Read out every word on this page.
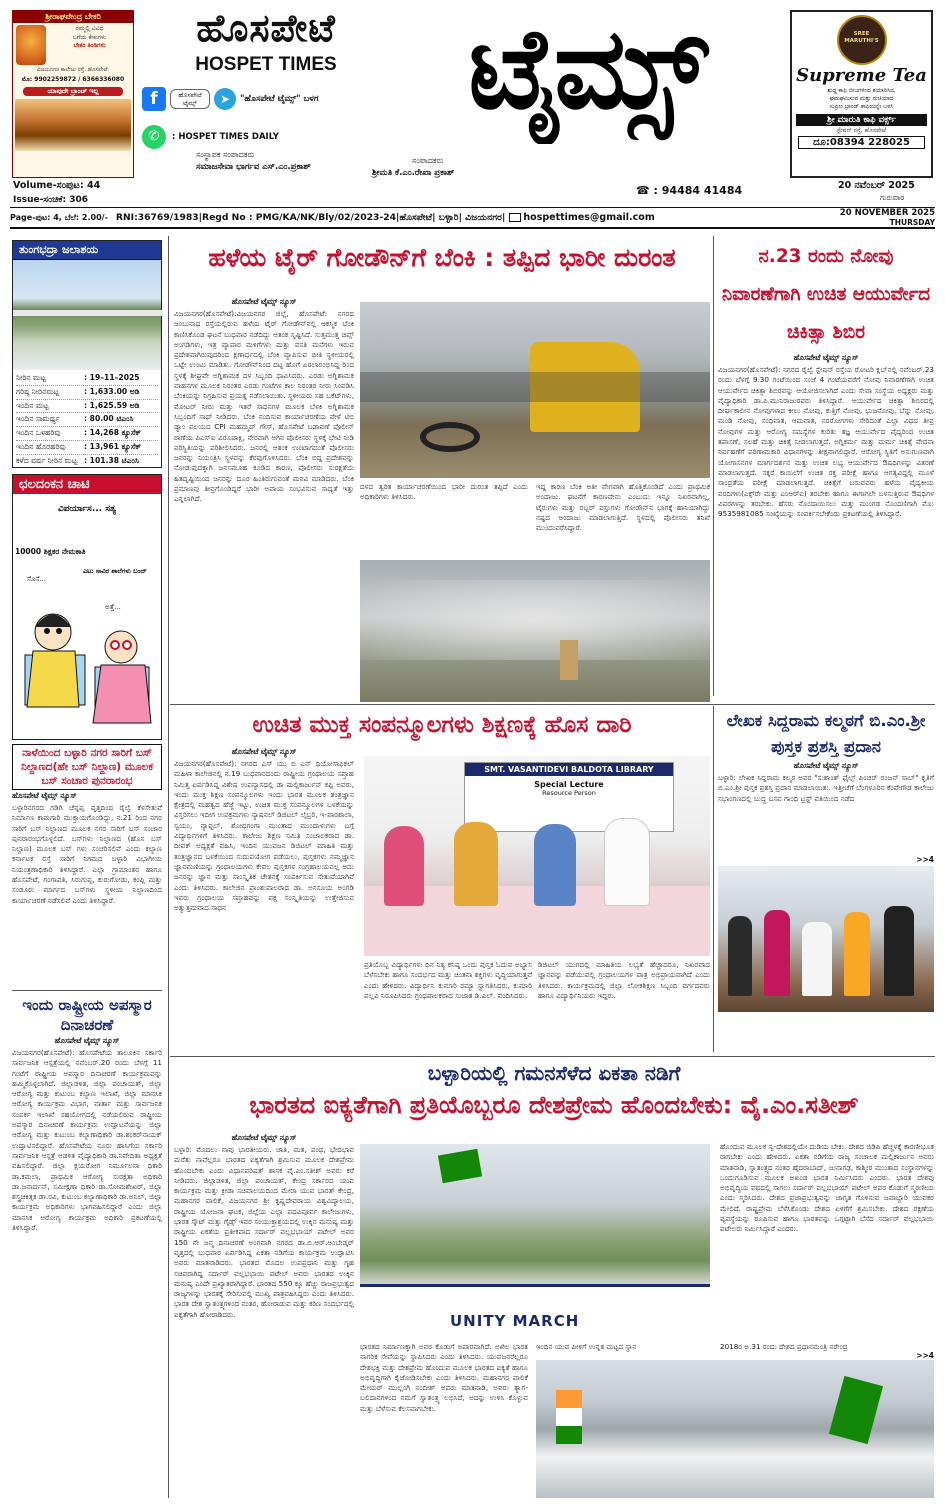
ಶ್ರೀರಾಘವೇಂದ್ರ ಬೇಕರಿ
ನಮ್ಮಲ್ಲಿ ವಿವಿಧ
ಬಗೆಯ ಕೇಕುಗಳು
ಬೇಕರಿ ತಿಂಡಿಗಳು
ವಿಜಯನಗರ ಕಾಲೇಜು ರಸ್ತೆ, ಹೊಸಪೇಟೆ.
ಮೊ: 9902259872 / 6366336080
ಯಾವುದೇ ಬ್ರಾಂಚ್ ಇಲ್ಲ
ಹೊಸಪೇಟೆ
HOSPET TIMES
f	ಹೊಸಪೇಟೆ ಟೈಮ್ಸ್	➤	"ಹೊಸಪೇಟೆ ಟೈಮ್ಸ್" ಬಳಗ
✆	: HOSPET TIMES DAILY
ಟೈಮ್ಸ್	SREE MARUTHI'S
Supreme Tea
ಶುದ್ಧ ಕಾಫಿ ಬೀಜಗಳಿಂದ ತಯಾರಿಸಿದ,
ಘಮಘಮಿಸುವ ಮತ್ತು ರುಚಿಯಾದ
ಸುಪ್ರೀಂ ಬ್ರಾಂಡ್ ಕಾಫಿಯನ್ನೇ ಬಳಸಿ
ಶ್ರೀ ಮಾರುತಿ ಕಾಫಿ ವರ್ಕ್ಸ್
ಸ್ಟೇಷನ್ ರಸ್ತೆ, ಹೊಸಪೇಟೆ
ದೂ:08394 228025
ಸಂಸ್ಥಾಪಕ ಸಂಪಾದಕರು
ಸಮಾಜಸೇವಾ ಭಾರ್ಗವ ಎಸ್.ಎಂ.ಪ್ರಕಾಶ್
ಸಂಪಾದಕರು
ಶ್ರೀಮತಿ ಕೆ.ಎಂ.ರೇಖಾ ಪ್ರಕಾಶ್
☎ : 94484 41484	20 ನವೆಂಬರ್ 2025
ಗುರುವಾರ
Volume-ಸಂಪುಟ: 44
Issue-ಸಂಚಿಕೆ: 306
Page-ಪುಟ: 4, ಬೆಲೆ: 2.00/- RNI:36769/1983|Regd No : PMG/KA/NK/Bly/02/2023-24|ಹೊಸಪೇಟೆ| ಬಳ್ಳಾರಿ| ವಿಜಯನಗರ| hospettimes@gmail.com	20 NOVEMBER 2025
THURSDAY
ತುಂಗಭದ್ರಾ ಜಲಾಶಯ
ನೀರಿನ ಮಟ್ಟ	: 19–11–2025
ಗರಿಷ್ಠ ನೀರಿನಮಟ್ಟ	: 1,633.00 ಅಡಿ
ಇಂದಿನ ಮಟ್ಟ	: 1,625.59 ಅಡಿ
ಇಂದಿನ ಸಾಮರ್ಥ್ಯ	: 80.00 ಟಿಎಂಸಿ
ಇಂದಿನ ಒಳಹರಿವು	: 14,268 ಕ್ಯೂಸೆಕ್
ಇಂದಿನ ಹೊರಹರಿವು	: 13,961 ಕ್ಯೂಸೆಕ್
ಕಳೆದ ವರ್ಷ ನೀರಿನ ಮಟ್ಟ : 101.38 ಟಿಎಂಸಿ
ಛಲದಂಕನ ಚಾಟಿ
ವಿಪರ್ಯಾಸ... ಸತ್ಯ
10000 ಶಿಕ್ಷಕರ ನೇಮಕಾತಿ
ಎಟು ಸಾವಿರ ಶಾಲೆಗಳು ಬಂದ್
ಸೊಸೆ...
ಅತ್ತೆ...
ನಾಳೆಯಿಂದ ಬಳ್ಳಾರಿ ನಗರ ಸಾರಿಗೆ ಬಸ್ ನಿಲ್ದಾಣದ(ಹೇ ಬಸ್ ನಿಲ್ದಾಣ) ಮೂಲಕ ಬಸ್ ಸಂಚಾರ ಪುನರಾರಂಭ
ಹೊಸಪೇಟೆ ಟೈಮ್ಸ್ ನ್ಯೂಸ್
ಬಳ್ಳಾರಿನಗರದ ಗಡಿಗಿ ಚೆನ್ನಪ್ಪ ವೃತ್ತದಿಂದ ರೈಲ್ವೆ ಕೆಳಸೇತುವೆ ನಿರ್ಮಾಣ ಕಾಮಗಾರಿ ಮುಕ್ತಾಯಗೊಂಡಿದ್ದು, ನ.21 ರಿಂದ ನಗರ ಸಾರಿಗೆ ಬಸ್ ನಿಲ್ದಾಣದ ಮೂಲಕ ನಗರ ಸಾರಿಗೆ ಬಸ್ ಸಂಚಾರ ಪುನರಾರಂಭಗೊಳ್ಳಲಿದೆ. ಬಸ್‌ಗಳು ನಿಲ್ದಾಣದ (ಹೊಸ ಬಸ್ ನಿಲ್ದಾಣ) ಮೂಲಕ ಬಸ್ ಗಳು ಸಂಚರಿಸಲಿವೆ ಎಂದು ಕಲ್ಯಾಣ ಕರ್ನಾಟಕ ರಸ್ತೆ ಸಾರಿಗೆ ನಿಗಮದ ಬಳ್ಳಾರಿ ವಿಭಾಗೀಯ ನಿಯಂತ್ರಣಾಧಿಕಾರಿ ತಿಳಿಸಿದ್ದಾರೆ. ಎಲ್ಲಾ ಗ್ರಾಮಾಂತರ ಹಾಗೂ ಹೊಸಪೇಟೆ, ಗಂಗಾವತಿ, ಸಿರುಗುಪ್ಪ, ಕುರುಗೋಡು, ಕಂಪ್ಲಿ ಮತ್ತು ಸಂಡೂರು ಮಾರ್ಗದ ಬಸ್‌ಗಳು ಸ್ಥಳೀಯ ನಿಲ್ದಾಣದಿಂದ ಕಾರ್ಯಾಚರಣೆ ನಡೆಸಲಿವೆ ಎಂದು ತಿಳಿಸಿದ್ದಾರೆ.
ಇಂದು ರಾಷ್ಟ್ರೀಯ ಅಪಸ್ಮಾರ ದಿನಾಚರಣೆ
ಹೊಸಪೇಟೆ ಟೈಮ್ಸ್ ನ್ಯೂಸ್
ವಿಜಯನಗರ(ಹೊಸಪೇಟೆ): ಹೊಸಪೇಟೆಯ ತಾಲೂಕಿನ ಸರ್ಕಾರಿ ಸಾರ್ವಜನಿಕ ಆಸ್ಪತ್ರೆಯಲ್ಲಿ ನವೆಂಬರ್.20 ರಂದು ಬೆಳಗ್ಗೆ 11 ಗಂಟೆಗೆ ರಾಷ್ಟ್ರೀಯ ಅಪಸ್ಮಾರ ದಿನಾಚರಣೆ ಕಾರ್ಯಕ್ರಮವನ್ನು ಹಮ್ಮಿಕೊಳ್ಳಲಾಗಿದೆ. ಜಿಲ್ಲಾಡಳಿತ, ಜಿಲ್ಲಾ ಪಂಚಾಯತ್, ಜಿಲ್ಲಾ ಆರೋಗ್ಯ ಮತ್ತು ಕುಟುಂಬ ಕಲ್ಯಾಣ ಇಲಾಖೆ, ಜಿಲ್ಲಾ ಮಾನಸಿಕ ಆರೋಗ್ಯ ಕಾರ್ಯಕ್ರಮ ವಿಭಾಗ, ವಾರ್ತಾ ಮತ್ತು ಸಾರ್ವಜನಿಕ ಸಂಪರ್ಕ ಇಲಾಖೆ ಸಹಯೋಗದಲ್ಲಿ ನಡೆಯಲಿರುವ ರಾಷ್ಟ್ರೀಯ ಅಪಸ್ಮಾರ ದಿನಾಚರಣೆ ಕಾರ್ಯಕ್ರಮ ಉದ್ಘಾಟನೆಯನ್ನು ಜಿಲ್ಲಾ ಆರೋಗ್ಯ ಮತ್ತು ಕುಟುಂಬ ಕಲ್ಯಾಣಾಧಿಕಾರಿ ಡಾ.ಶಂಕರ್‌ನಾಯಕ್ ಉದ್ಘಾಟಿಸಲಿದ್ದಾರೆ. ಹೊಸಪೇಟೆಯ ನೂರು ಹಾಸಿಗೆಯ ಸರ್ಕಾರಿ ಸಾರ್ವಜನಿಕ ಆಸ್ಪತ್ರೆ ಆಡಳಿತ ವೈದ್ಯಾಧಿಕಾರಿ ಡಾ.ನಿವೇದಿತಾ ಅಧ್ಯಕ್ಷತೆ ವಹಿಸಲಿದ್ದಾರೆ. ಜಿಲ್ಲಾ ಕ್ಷಯರೋಗ ನಿರ್ಮೂಲನಾ ಧಿಕಾರಿ ಡಾ.ಕಮಲಾ, ಪ್ರಾಥಮಿಕ ಆರೋಗ್ಯ ಸುರಕ್ಷತಾ ಅಧಿಕಾರಿ ಡಾ.ಜನಾರ್ದನ್, ಸಮೀಕ್ಷಣಾ ಧಿಕಾರಿ ಡಾ.ಸೋಮಶೇಖರ್, ಜಿಲ್ಲಾ ಶಸ್ತ್ರಚಿಕಿತ್ಸಕ ಡಾ.ರವಿ, ಕುಟುಂಬ ಕಲ್ಯಾಣಾಧಿಕಾರಿ ಡಾ.ಅನಿಲ್, ಜಿಲ್ಲಾ ಕಾರ್ಯಕ್ರಮ ಅಧಿಕಾರಿಗಳು ಭಾಗವಹಿಸಲಿದ್ದಾರೆ ಎಂದು ಜಿಲ್ಲಾ ಮಾನಸಿಕ ಆರೋಗ್ಯ ಕಾರ್ಯಕ್ರಮ ಅಧಿಕಾರಿ ಪ್ರಕಟಣೆಯಲ್ಲಿ ತಿಳಿಸಿದ್ದಾರೆ.
ಹಳೆಯ ಟೈರ್ ಗೋಡೌನ್‌ಗೆ ಬೆಂಕಿ : ತಪ್ಪಿದ ಭಾರೀ ದುರಂತ
ಹೊಸಪೇಟೆ ಟೈಮ್ಸ್ ನ್ಯೂಸ್
ವಿಜಯನಗರ(ಹೊಸಪೇಟೆ):ವಿಜಯನಗರ ಜಿಲ್ಲೆ, ಹೊಸಪೇಟೆ: ನಗರದ ಜಂಬುನಾಥ ರಸ್ತೆಯಲ್ಲಿರುವ ಹಳೆಯ ಟೈರ್ ಗೋಡೌನ್‌ನಲ್ಲಿ ಆಕಸ್ಮಿಕ ಬೆಂಕಿ ಕಾಣಿಸಿಕೊಂಡ ಘಟನೆ ಬುಧವಾರ ನಡೆದಿದ್ದು ಆತಂಕ ಸೃಷ್ಟಿಸಿದೆ. ಸುತ್ತಮುತ್ತ ಚಿಪ್ಸ್ ಅಂಗಡಿಗಳು, ಇತ್ರ ವ್ಯಾಪಾರ ಮಳಿಗೆಗಳು ಮತ್ತು ವಸತಿ ಮನೆಗಳು ಇರುವ ಪ್ರದೇಶವಾಗಿರುವುದರಿಂದ ಕ್ಷಣಾರ್ಧದಲ್ಲಿ ಬೆಂಕಿ ವ್ಯಾಪಿಸುವ ಭೀತಿ ಸ್ಥಳೀಯರಲ್ಲಿ ಒಟ್ಟೇ ಉಂಟು ಮಾಡಿತು. ಗೋಡೌನ್‌ನಿಂದ ದಟ್ಟ ಹೊಗೆ ಏರಲಾರಂಭಿಸಿದ್ದ ರಿಂದ ಸ್ಥಳಕ್ಕೆ ಶೀಘ್ರವೇ ಅಗ್ನಿಶಾಮಕ ದಳ ಸಿಬ್ಬಂದಿ ಧಾವಿಸಿದರು. ಎರಡು ಅಗ್ನಿಶಾಮಕ ವಾಹನಗಳ ಮೂಲಕ ನಿರಂತರ ಎರಡು ಗಂಟೆಗಳ ಕಾಲ ನಿರಂತರ ನೀರು ಸಿಂಪಡಿಸಿ ಬೆಂಕಿಯನ್ನು ನಿಗ್ರಹಿಸುವ ಪ್ರಯತ್ನ ನಡೆಸಲಾಯಿತು. ಸ್ಥಳೀಯರು ಸಹ ಬಕೆಟ್‌ಗಳು, ಮೋಟರ್ ನೀರು ಮತ್ತು ಇತರೆ ಸಾಧನಗಳ ಮೂಲಕ ಬೆಳಕಿ ಅಗ್ನಿಶಾಮಕ ಸಿಬ್ಬಂದಿಗೆ ಸಾಥ್ ನೀಡಿದರು. ಬೆಂಕಿ ನಂದಿಸುವ ಕಾರ್ಯಾಚರಣೆಯ ವೇಳೆ ಟಿಬಿ ಡ್ಯಾಂ ವಲಯದ CPI ಮಹಮ್ಮದ್ ಗೌಸ್, ಹೊಸಪೇಟೆ ಬಡಾವಣೆ ಪೊಲೀಸ್ ಠಾಣೆಯ ಪಿಎಸ್‌ಐ ವಿರೂಪಾಕ್ಷಿ, ನೇರವಾಗಿ ಆಗಿನ ಪೊಲೀಸರು ಸ್ಥಳಕ್ಕೆ ಭೇಟಿ ನೀಡಿ ಪರಿಸ್ಥಿತಿಯನ್ನು ಪರಿಶೀಲಿಸಿದರು. ಜನರಲ್ಲಿ ಆತಂಕ ಉಂಟಾಗದಂತೆ ಪೊಲೀಸರು ಜನರನ್ನು ನಿಯಂತ್ರಿಸಿ ಸ್ಥಳವನ್ನು ಕೆರವುಗೊಳಿಸಿದರು. ಬೆಂಕಿ ಬಿದ್ದ ಪ್ರದೇಶವನ್ನು ನೋಡುವುದಕ್ಕಾಗಿ ಜನಸಮೂಹ ಕೂಡಿದ ಕಾರಣ, ಪೊಲೀಸರು ಸುರಕ್ಷತೆಯ ಹಿತದೃಷ್ಟಿಯಿಂದ ಜನರನ್ನು ದೂರ ಹಿಂತಿರುಗುವಂತೆ ಮನವಿ ಮಾಡಿದರು. ಬೆಂಕಿ ಪ್ರಮಾಣವು ತೀವ್ರಗೊಂಡಿದ್ದರೆ ಭಾರೀ ಅಪಾಯ ಸಂಭವಿಸುವ ಸಾಧ್ಯತೆ ಇತ್ತು ಎನ್ನಲಾಗಿದೆ.
ದಳದ ತ್ವರಿತ ಕಾರ್ಯಾಚರಣೆಯಿಂದ ಭಾರೀ ದುರಂತ ತಪ್ಪಿದೆ ಎಂದು ಅಧಿಕಾರಿಗಳು ತಿಳಿಸಿದರು.
ಇದ್ದ ಕಾರಣ ಬೆಂಕಿ ಅತೀ ವೇಗವಾಗಿ ಹೊತ್ತಿಕೊಂಡಿದೆ ಎಂದು ಪ್ರಾಥಮಿಕ ಅಂದಾಜು. ಘಟನೆಗೆ ಕಾರಣವೇನು ಎಂಬುದು ಇನ್ನೂ ನಿಖರವಾಗಿಲ್ಲ, ಟೈರುಗಳು ಮತ್ತು ರಬ್ಬರ್ ವಸ್ತುಗಳು ಗೋಡೌನ್‌ನ ಭಾಗಕ್ಕೆ ಹಾನಿಯಾಗಿದ್ದು ನಷ್ಟದ ಅಂದಾಜು ಮಾಡಲಾಗುತ್ತಿದೆ. ಸ್ಥಳದಲ್ಲಿ ಪೊಲೀಸರು ತನಿಖೆ ಮುಂದುವರೆಸಿದ್ದಾರೆ.
ನ.23 ರಂದು ನೋವು ನಿವಾರಣೆಗಾಗಿ ಉಚಿತ ಆಯುರ್ವೇದ ಚಿಕಿತ್ಸಾ ಶಿಬಿರ
ಹೊಸಪೇಟೆ ಟೈಮ್ಸ್ ನ್ಯೂಸ್
ವಿಜಯನಗರ(ಹೊಸಪೇಟೆ): ನಗರದ ರೈಲ್ವೆ ಸ್ಟೇಷನ್ ರಸ್ತೆಯ ರೋಟರಿ ಕ್ಲಬ್‌ನಲ್ಲಿ ನವೆಂಬರ್.23 ರಂದು ಬೆಳಗ್ಗೆ 9.30 ಗಂಟೆಯಿಂದ ಸಂಜೆ 4 ಗಂಟೆಯವರೆಗೆ ನೋವು ನಿವಾರಣೆಗಾಗಿ ಉಚಿತ ಆಯುರ್ವೇದ ಚಿಕಿತ್ಸಾ ಶಿಬಿರವನ್ನು ಆಯೋಜಿಸಲಾಗಿದೆ ಎಂದು ಸೇವಾ ಸಂಸ್ಥೆಯ ಅಧ್ಯಕ್ಷರು ಮತ್ತು ವೈದ್ಯಾಧಿಕಾರಿ ಡಾ.ಪಿ.ಮುನಿರಾಜುರವರು ತಿಳಿಸಿದ್ದಾರೆ. ಆಯುರ್ವೇದ ಚಿಕಿತ್ಸಾ ಶಿಬಿರದಲ್ಲಿ ದೀರ್ಘಕಾಲೀನ ನೋವುಗಳಾದ ಕೀಲು ನೋವು, ಕುತ್ತಿಗೆ ನೋವು, ಭುಜನೋವು, ಬೆನ್ನು ನೋವು, ಮಂಡಿ ನೋವು, ಸಂಧಿವಾತ, ಆಮವಾತ, ನರರೋಗಗಳು ಸೇರಿದಂತೆ ಎಲ್ಲಾ ವಿಧದ ತೀವ್ರ ನೋವುಗಳ ಮತ್ತು ಆರೋಗ್ಯ ಸಮಸ್ಯೆಗಳ ಕುರಿತು ತಜ್ಞ ಆಯುರ್ವೇದ ವೈದ್ಯರಿಂದ ಉಚಿತ ತಪಾಸಣೆ, ಸಲಹೆ ಮತ್ತು ಚಿಕಿತ್ಸೆ ನೀಡಲಾಗುತ್ತದೆ. ಅಗ್ನಿಕರ್ಮ ಮತ್ತು ಮರ್ಮ ಚಿಕಿತ್ಸೆ ವೇದನಾ ನಿರ್ವಹಣೆಗೆ ಪರಿಣಾಮಕಾರಿ ವಿಧಾನಗಳನ್ನು ತೀಕ್ಷವಾಗಲಿದ್ದಾರೆ. ಆರೋಗ್ಯ ಸ್ಥಿತಿಗೆ ಅನುಗುಣವಾಗಿ ಯೋಗಾಸನಗಳ ಮಾರ್ಗದರ್ಶನ ಮತ್ತು ಉಚಿತ ಲಭ್ಯ ಆಯುರ್ವೇದ ಔಷಧಿಗಳನ್ನು ವಿತರಣೆ ಮಾಡಲಾಗುತ್ತದೆ. ಸಕ್ಕರೆ ಕಾಯಿಲೆಗೆ ಉಚಿತ ರಕ್ತ ಪರೀಕ್ಷೆ ಹಾಗೂ ಆಗತ್ಯವಿದ್ದಲ್ಲಿ ಮೂಳೆ ಸಾಂದ್ರತೆಯ ಪರೀಕ್ಷೆ ಮಾಡಲಾಗುತ್ತದೆ. ಚಿಕಿತ್ಸೆಗೆ ಬರುವವರು ಹಳೆಯ ವೈದ್ಯಕೀಯ ವರದಿಗಳು(ಎಕ್ಸ್‌ರೇ ಮತ್ತು ಎಂಆರ್‌ಐ) ತರಬೇಕು ಹಾಗೂ ಈಗಾಗಲೇ ಬಳಸುತ್ತಿರುವ ಔಷಧಿಗಳ ವಿವರಗಳನ್ನು ತರಬೇಕು. ಹೆಸರು ನೊಂದಾಯಿಸಲು ಮತ್ತು ಮುಂಗಡ ನೊಂದಣಿಗಾಗಿ ಮೊ: 9535981085 ಸಂಖ್ಯೆಯನ್ನು ಸಂಪರ್ಕಿಸಬೇಕೆಂದು ಪ್ರಕಟಣೆಯಲ್ಲಿ ತಿಳಿಸಿದ್ದಾರೆ.
ಉಚಿತ ಮುಕ್ತ ಸಂಪನ್ಮೂಲಗಳು ಶಿಕ್ಷಣಕ್ಕೆ ಹೊಸ ದಾರಿ
ಹೊಸಪೇಟೆ ಟೈಮ್ಸ್ ನ್ಯೂಸ್
ವಿಜಯನಗರ(ಹೊಸಪೇಟೆ): ನಗರದ ಎಸ್ ಯು ಬಿ ಎನ್ ಥಿಯೋಸಾಫಿಕಲ್ ಮಹಿಳಾ ಕಾಲೇಜಿನಲ್ಲಿ ನ.19 ಬುಧವಾರದಂದು ರಾಷ್ಟ್ರೀಯ ಗ್ರಂಥಾಲಯ ಸಪ್ತಾಹ ನಿಮಿತ್ತ ಏರ್ಪಡಿಸಿದ್ದ ವಿಶೇಷ ಉಪನ್ಯಾಸದಲ್ಲಿ ಡಾ ಮಲ್ಲಿಕಾರ್ಜುನ್ ಕಪ್ಪಿ ಅವರು, ಇಂದು ಮುಕ್ತ ಶಿಕ್ಷಣ ಸಂಪನ್ಮೂಲಗಳು ಇಂದು ಭಾರತ ಮೂಲಕ ತಂತ್ರಜ್ಞಾನ ಕ್ಷೇತ್ರದಲ್ಲಿ ಮಹತ್ವದ ಹೆಜ್ಜೆ ಇಟ್ಟು, ಉಚಿತ ಮುಕ್ತ ಸಂಪನ್ಮೂಲಗಳ ಬಳಕೆಯನ್ನು ವಿಸ್ತರಿಸಲು ಇದೀಗ ಉಪಕ್ರಮಗಳು ನ್ಯಾಷನಲ್ ಡಿಜಿಟಲ್ ಲೈಬ್ರರಿ, ಇ-ಪಾಠಶಾಲಾ, ಸ್ವಯಂ, ನ್ಯಾಪ್ಟಲ್, ಶೋಧಗಂಗಾ ಮುಂತಾದ ಮುಂದಾಳುಗಳು ಬಗ್ಗೆ ವಿದ್ಯಾರ್ಥಿಗಳಿಗೆ ತಿಳಿಸಿದರು. ಕಾಲೇಜು ಶಿಕ್ಷಣ ಸಮಿತಿ ಸಂಚಾಲಕರಾದ ಡಾ. ದೀಪಕ್ ಅಧ್ಯಕ್ಷತೆ ವಹಿಸಿ, ಇಂದಿನ ಯುವಜನ ಡಿಜಿಟಲ್ ಮಾಹಿತಿ ಮತ್ತು ತಂತ್ರಜ್ಞಾನದ ಬಳಕೆಯಿಂದ ಸುದುಪಯೋಗ ಪಡೆಯಲು, ಪುಸ್ತಕಗಳು ನಮ್ಮಜ್ಞಾನ ಜ್ಞಾನಮಣಿಯನ್ನು ಗ್ರಂಥಾಲಯಗಳು ಕೇವಲ ಪುಸ್ತಕಗಳ ಸಂಗ್ರಹಾಲಯವಲ್ಲ ಅದು ಜನರನ್ನು ಜ್ಞಾನ ಮತ್ತು ಸಾಂಸ್ಕೃತಿಕ ಚೇತನಕ್ಕೆ ಸಂಪರ್ಕಿಸುವ ಸೇತುವೆಯಾಗಿವೆ ಎಂದು ತಿಳಿಸಿದರು. ಕಾಲೇಜಿನ ಪ್ರಾಂಶುಪಾಲರಾದ ಡಾ. ಅನಸೂಯ ಅಂಗಡಿ ಇವರು ಗ್ರಂಥಾಲಯ ಸಪ್ತಾಹವನ್ನು ಪಕ್ಷ ಸಂಸ್ಕೃತಿಯನ್ನು ಉತ್ತೇಜಿಸುವ ಅತ್ಯುತ್ತಮವಾದ ಸಾಧನ
SMT. VASANTIDEVI BALDOTA LIBRARY
Special Lecture
Resource Person
ಪ್ರತಿಯೊಬ್ಬ ವಿದ್ಯಾರ್ಥಿಗಳು ದಿನ ನಿತ್ಯ ಕನಿಷ್ಠ ಒಂದು ಪುಸ್ತಕ ಓದುವ ಅಭ್ಯಾಸ ಬೆಳೆಸಬೇಕು ಹಾಗೂ ಸಂದರ್ಭದ ಮತ್ತು ಚಿಂತನಾ ಶಕ್ತಿಗಳು ವೃದ್ಧಿಯಾಗುತ್ತವೆ ಎಂದು ಹೇಳಿದರು. ವಿದ್ಯಾರ್ಥಿನಿ ಕುಮಾರಿ ರಮ್ಯಾ ಸ್ವಾಗತಿಸಿದರು, ಕುಮಾರಿ ಪಲ್ಲವಿ ನಿರೂಪಿಸಿದರು ಗ್ರಂಥಪಾಲಕರಾದ ಸುಜಾತ ಡಿ.ಎಲ್. ವಂದಿಸಿದರು.
ಡಿಜಿಟಲ್ ಯುಗದಲ್ಲಿ ಮಾಹಿತಿಯ ಲಭ್ಯತೆ ಹೆಚ್ಚಾದರೂ, ನಿಖರವಾದ ಜ್ಞಾನವನ್ನು ಪಡೆಯುವಲ್ಲಿ ಗ್ರಂಥಾಲಯಗಳ ಪಾತ್ರ ಅಭಿಪ್ರಾಯವಾಗಿದೆ ಎಂದು ತಿಳಿಸಿದರು. ಕಾರ್ಯಕ್ರಮದಲ್ಲಿ ಜಿಲ್ಲಾ ಲೋಕಶಿಕ್ಷಣ ಸಿಬ್ಬಂದಿ ವರ್ಗದವರು ಹಾಗೂ ವಿದ್ಯಾರ್ಥಿನಿಯರು ಇದ್ದರು.
ಲೇಖಕ ಸಿದ್ದರಾಮ ಕಲ್ಮಠಗೆ ಬಿ.ಎಂ.ಶ್ರೀ ಪುಸ್ತಕ ಪ್ರಶಸ್ತಿ ಪ್ರದಾನ
ಹೊಸಪೇಟೆ ಟೈಮ್ಸ್ ನ್ಯೂಸ್
ಬಳ್ಳಾರಿ: ಲೇಖಕ ಸಿದ್ದರಾಮ ಕಲ್ಮಠ ಅವರ "ಸುಶಾಂತ್ ಫೈಲ್ಸ್ ಪಿಂಚರ್ ರಂಜನ್ ಸಾಬ್" ಕೃತಿಗೆ ಬಿ.ಎಂ.ಶ್ರೀ ಪುಸ್ತಕ ಪ್ರಶಸ್ತಿ ಪ್ರದಾನ ಮಾಡಲಾಯಿತು. ಇತ್ತೀಚೆಗೆ ಬೆಂಗಳೂರಿನ ಕೆಂಪೇಗೌಡ ಕಾಲೇಜು ಸಭಾಂಗಣದಲ್ಲಿ ಬುದ್ಧ ಬಸವ ಗಾಂಧಿ ಟ್ರಸ್ಟ್ ವತಿಯಿಂದ ನಡೆದ
>>4
ಬಳ್ಳಾರಿಯಲ್ಲಿ ಗಮನಸೆಳೆದ ಏಕತಾ ನಡಿಗೆ
ಭಾರತದ ಐಕ್ಯತೆಗಾಗಿ ಪ್ರತಿಯೊಬ್ಬರೂ ದೇಶಪ್ರೇಮ ಹೊಂದಬೇಕು: ವೈ.ಎಂ.ಸತೀಶ್
ಹೊಸಪೇಟೆ ಟೈಮ್ಸ್ ನ್ಯೂಸ್
ಬಳ್ಳಾರಿ: ಮೊದಲು ನಾವು ಭಾರತೀಯರು. ಜಾತಿ, ಮತ, ಪಂಥ, ಭೇದಭಾವ ಮರೆತು ನಾವೆಲ್ಲರೂ ಭಾರತದ ಐಕ್ಯತೆಗಾಗಿ ಶ್ರಮಿಸುವ ಮೂಲಕ ದೇಶಪ್ರೇಮ ಹೊಂದಬೇಕು ಎಂದು ವಿಧಾನಪರಿಷತ್ ಶಾಸಕ ವೈ.ಎಂ.ಸತೀಶ್ ಅವರು ಕರೆ ನೀಡಿದರು. ಜಿಲ್ಲಾಡಳಿತ, ಜಿಲ್ಲಾ ಪಂಚಾಯತ್, ಕೇಂದ್ರ ಸರ್ಕಾರದ ಯುವ ಕಾರ್ಯಕ್ರಮ ಮತ್ತು ಕ್ರೀಡಾ ಸಚಿವಾಲಯದಿಂದ ಮೇರಾ ಯುವ ಭಾರತ್ ಕೇಂದ್ರ, ಮಹಾನಗರ ಪಾಲಿಕೆ, ವಿಜಯನಗರ ಶ್ರೀ ಕೃಷ್ಣದೇವರಾಯ ವಿಶ್ವವಿದ್ಯಾಲಯ, ರಾಷ್ಟ್ರೀಯ ಯೋಜನಾ ಘಟಕ, ಜಿಲ್ಲೆಯ ಎಲ್ಲಾ ಪದವಿಪೂರ್ವ ಕಾಲೇಜುಗಳು, ಭಾರತ ಸ್ಕೌಟ್ ಮತ್ತು ಗೈಡ್ಸ್ ಇವರ ಸಂಯುಕ್ತಾಶ್ರಯದಲ್ಲಿ ಉಕ್ಕಿನ ಮನುಷ್ಯ ಮತ್ತು ರಾಷ್ಟ್ರೀಯ ಏಕತೆಯ ಪ್ರತೀಕವಾದ ಸರ್ದಾರ್ ವಲ್ಲಭಭಾಯ್ ಪಟೇಲ್ ಅವರ 150 ನೇ ಜನ್ಮ ದಿನಾಚರಣೆ ಅಂಗವಾಗಿ ನಗರದ ಡಾ.ಬಿ.ಆರ್.ಅಂಬೇಡ್ಕರ್ ವೃತ್ತದಲ್ಲಿ ಬುಧವಾರ ಏರ್ಪಡಿಸಿದ್ದ ಏಕತಾ ನಡಿಗೆಯ ಕಾರ್ಯಕ್ರಮ ಉದ್ಘಾಟಿಸಿ ಅವರು ಮಾತನಾಡಿದರು. ಭಾರತದ ಮೊದಲ ಉಪಪ್ರಧಾನಿ ಮತ್ತು ಗೃಹ ಸಚಿವರಾಗಿದ್ದ ಸರ್ದಾರ್ ವಲ್ಲಭಭಾಯಿ ಪಟೇಲ್ ಅವರು ಭಾರತದ ಉಕ್ಕಿನ ಮನುಷ್ಯ ಎಂದೇ ಪ್ರಖ್ಯಾತರಾಗಿದ್ದಾರೆ. ಭಾರತದ 550 ಕ್ಕೂ ಹೆಚ್ಚು ರಾಜಪ್ರಭುತ್ವದ ರಾಜ್ಯಗಳನ್ನು ಭಾರತಕ್ಕೆ ಸೇರಿಸುವಲ್ಲಿ ಮುಖ್ಯ ಪಾತ್ರವಹಿಸಿದ್ದರು ಎಂದು ತಿಳಿಸಿದರು. ಭಾರತ ದೇಶ ಸ್ವಾತಂತ್ರ್ಯಗಳಿಂದ ನಂತರ, ಹೋರಾಡುವ ಮತ್ತು ಕಠಿಣ ಸಂದರ್ಭದಲ್ಲಿ ಐಕ್ಯತೆಗಾಗಿ ಹೋರಾಡಿದರು.	UNITY MARCH
ಭಾರತದ ನಿರ್ಮಾಣಕ್ಕಾಗಿ ಅವರ ಕೊಡುಗೆ ಅಪಾರವಾಗಿದೆ. ಅಖಿಲ ಭಾರತ ನಾಗರಿಕ ಸೇವೆಯನ್ನು ಸ್ಥಾಪಿಸಿದರು ಎಂದು ತಿಳಿಸಿದರು. ಯುವಜನರೆಲ್ಲರೂ ದೇಶಭಕ್ತಿ ಮತ್ತು ದೇಶಪ್ರೇಮ ಹೊಂದುವ ಮೂಲಕ ಭಾರತದ ಐಕ್ಯತೆ ಹಾಗೂ ಅಭಿವೃದ್ಧಿಗಾಗಿ ಕೈಜೋಡಿಸಬೇಕು ಎಂದು ತಿಳಿಸಿದರು. ಮಹಾನಗರ ಪಾಲಿಕೆ ಮೇಯರ್ ಮುಲ್ಲಂಗಿ ನಂದೀಶ್ ಅವರು ಮಾತನಾಡಿ, ಅವರು ತ್ಯಾಗ-ಬಲಿದಾನಗಳಿಂದ ನಮಗೆ ಸ್ವಾತಂತ್ರ್ಯ ಲಭಿಸಿದೆ, ಅದನ್ನು ಉಳಿಸಿ ಕೊಳ್ಳುವ ಮತ್ತು ಬೆಳೆಸುವ ಕೆಲಸವಾಗಬೇಕು.
ಇಂದಿನ ಯುವ ಪೀಳಿಗೆ ಉನ್ನತ ಮಟ್ಟದ ಸ್ಥಾನ
ಹೊಂದುವ ಮೂಲಕ ಸ್ವ-ದೇಶದಲ್ಲಿಯೇ ದುಡಿಯ ಬೇಕು. ದೇಶದ ಜಿಡಿಪಿ ಹೆಚ್ಚಳಕ್ಕೆ ಕಾರಣೀಭೂತ ರಾಗಬೇಕು ಎಂದು ಹೇಳಿದರು. ಏಕತಾ ನಡಿಗೆಯ ರಾಜ್ಯ ಸಂಚಾಲಕ ಮಲ್ಲಿಕಾರ್ಜುನ ಅವರು ಮಾತನಾಡಿ, ಸ್ವಾತಂತ್ರ್ಯದ ನಂತರ ಹೈದರಾಬಾದ್, ಜುನಾಗಢ, ಕಾಶ್ಮೀರ ಮುಂತಾದ ಸಂಸ್ಥಾನಗಳನ್ನು ಒಂದುಗೂಡಿಸುವ ಮೂಲಕ ಅಖಂಡ ಭಾರತ ನಿರ್ಮಿಸಿದರು ಎಂದರು. ಭಾರತ ದೇಶವು ಅಭಿವೃದ್ಧಿಯ ಪಥದಲ್ಲಿ ಸಾಗಲು ಸರ್ದಾರ್ ವಲ್ಲಭಭಾಯ್ ಪಟೇಲ್ ಅವರ ಕೊಡುಗೆ ಸ್ಮರಣೀಯ ಎಂದು ಸ್ಮರಿಸಿದರು. ದೇಶದ ಪ್ರಜಾಪ್ರಭುತ್ವವನ್ನು ಜಾಗೃತ ಗೊಳಿಸುವ ಜವಾಬ್ದಾರಿ ಯುವಕರ ಮೇಲಿದೆ. ರಾಷ್ಟ್ರಪ್ರೇಮ ಬೆಳೆಸಿಕೊಂಡು ದೇಶದ ಏಳಿಗೆಗೆ ಶ್ರಮಿಸಬೇಕು. ದೇಶದ ರಕ್ಷಣೆಯ ವ್ಯವಸ್ಥೆಯನ್ನು ರೂಪಿಸುವ ಹಾಗೂ ಭಾರತವನ್ನು ಒಗ್ಗಟ್ಟಾಗಿ ಬೆಸೆದ ಸರ್ದಾರ್ ವಲ್ಲಭಭಾಯಿ ಪಟೇಲರು ನಿರ್ಮಿಸಿದ್ದಾರೆ ಎಂದರು.
2018ರ ಅ.31 ರಂದು ದೇಶದ ಪ್ರಧಾನಮಂತ್ರಿ ನರೇಂದ್ರ
>>4
